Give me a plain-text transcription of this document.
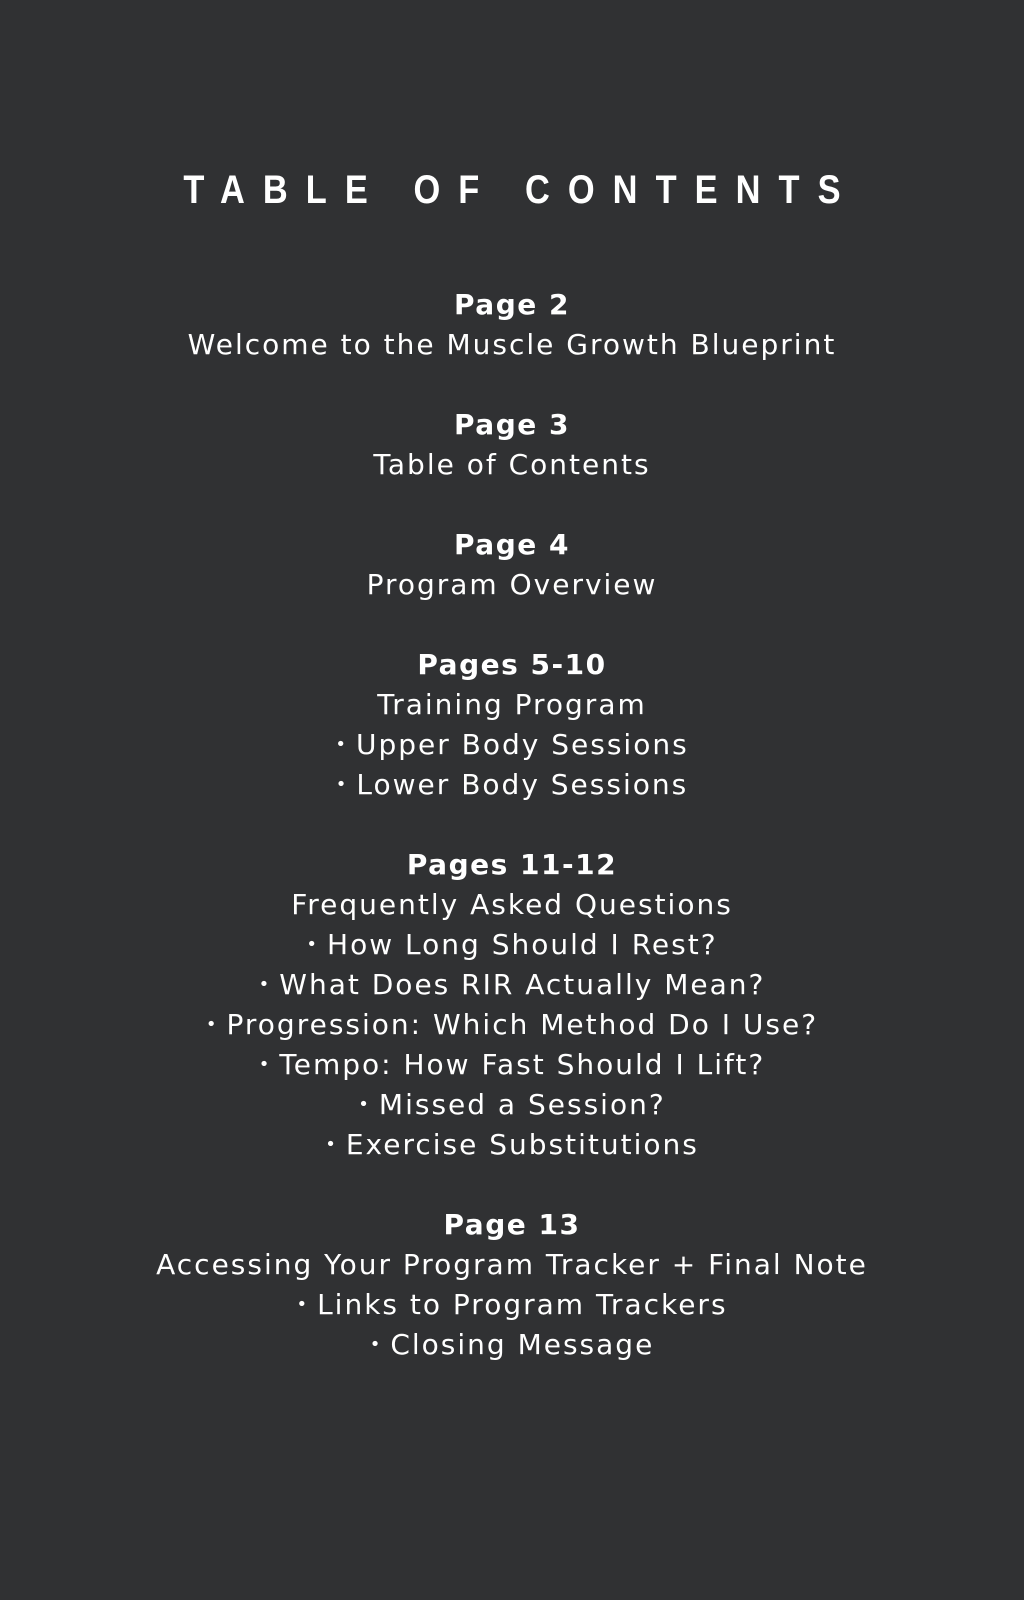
TABLE OF CONTENTS
Page 2
Welcome to the Muscle Growth Blueprint
Page 3
Table of Contents
Page 4
Program Overview
Pages 5-10
Training Program
• Upper Body Sessions
• Lower Body Sessions
Pages 11-12
Frequently Asked Questions
• How Long Should I Rest?
• What Does RIR Actually Mean?
• Progression: Which Method Do I Use?
• Tempo: How Fast Should I Lift?
• Missed a Session?
• Exercise Substitutions
Page 13
Accessing Your Program Tracker + Final Note
• Links to Program Trackers
• Closing Message
